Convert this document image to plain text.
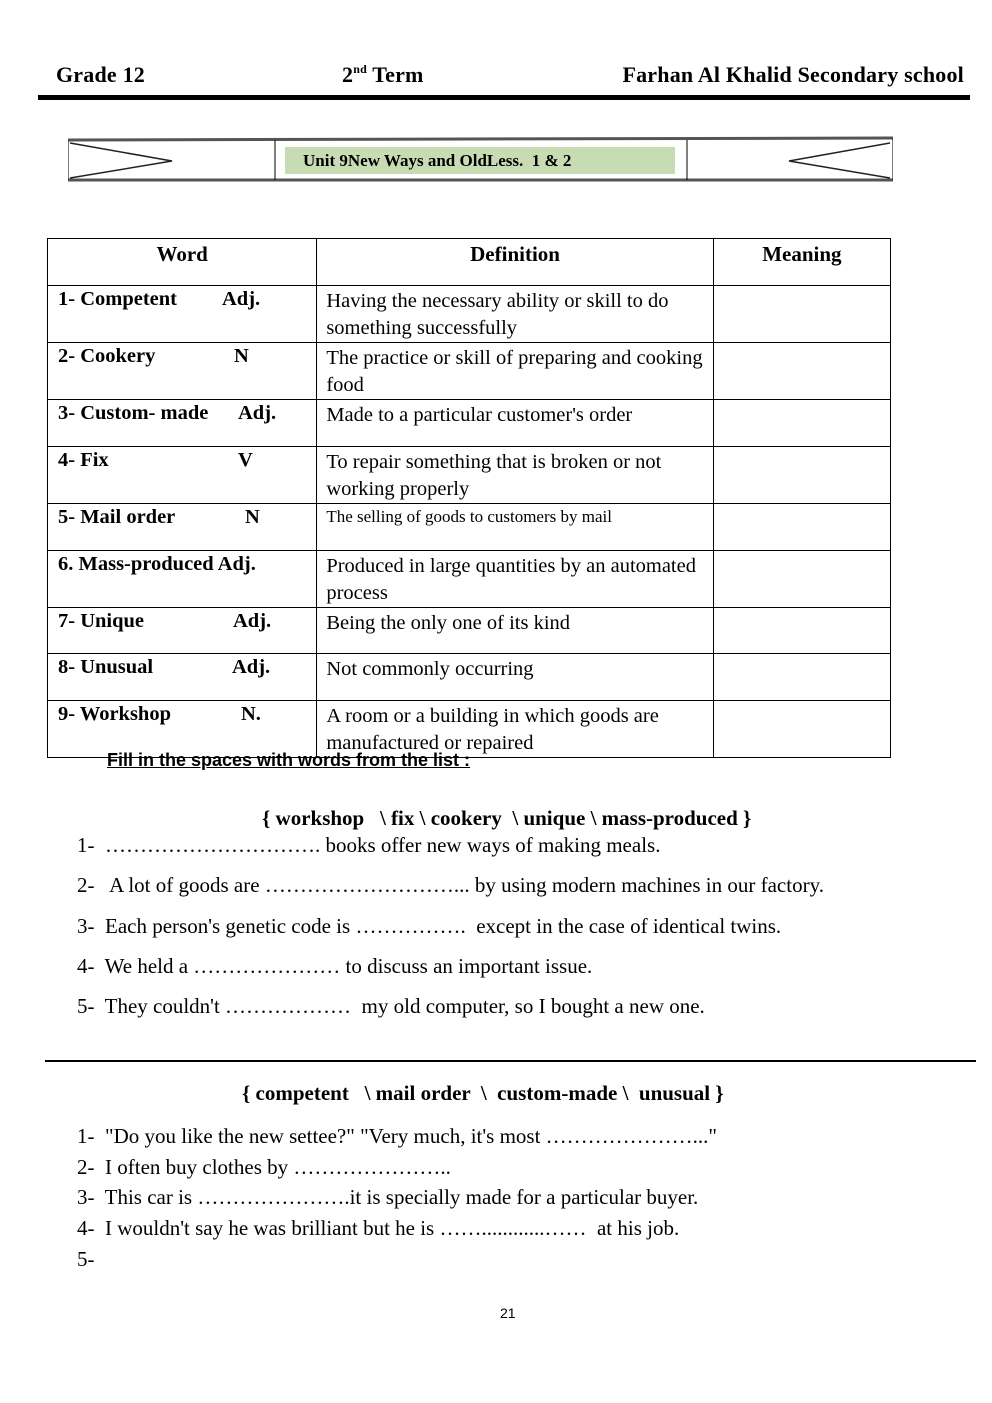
Grade 12	2nd Term	Farhan Al Khalid Secondary school
Unit 9 New Ways and Old Less.  1 & 2
Word	Definition	Meaning
1- Competent Adj.	Having the necessary ability or skill to do something successfully	
2- Cookery N	The practice or skill of preparing and cooking food	
3- Custom- made Adj.	Made to a particular customer's order	
4- Fix V	To repair something that is broken or not working properly	
5- Mail order N	The selling of goods to customers by mail	
6. Mass-produced Adj.	Produced in large quantities by an automated process	
7- Unique Adj.	Being the only one of its kind	
8- Unusual Adj.	Not commonly occurring	
9- Workshop N.	A room or a building in which goods are manufactured or repaired	
Fill in the spaces with words from the list :
{ workshop   \ fix \ cookery  \ unique \ mass-produced }
1- …………………………. books offer new ways of making meals.
2-   A lot of goods are ………………………... by using modern machines in our factory.
3- Each person's genetic code is …………….  except in the case of identical twins.
4- We held a ………………… to discuss an important issue.
5- They couldn't ………………  my old computer, so I bought a new one.
{ competent   \ mail order  \  custom-made \  unusual }
1- "Do you like the new settee?" "Very much, it's most …………………..."
2- I often buy clothes by …………………..
3- This car is ………………….it is specially made for a particular buyer.
4- I wouldn't say he was brilliant but he is ……............……  at his job.
5-
21
